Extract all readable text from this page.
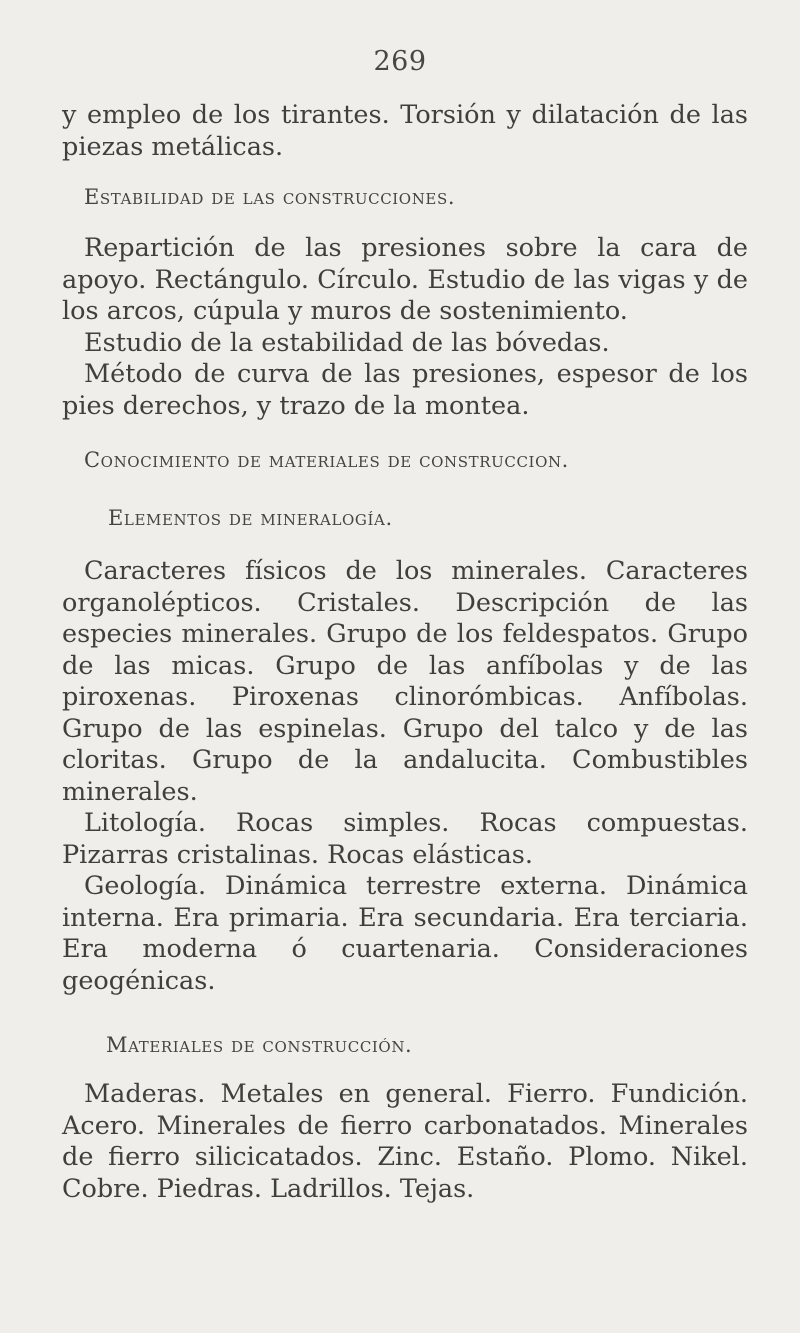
269

y empleo de los tirantes. Torsión y dilatación de las piezas metálicas.

Estabilidad de las construcciones.

Repartición de las presiones sobre la cara de apoyo. Rectángulo. Círculo. Estudio de las vigas y de los arcos, cúpula y muros de sostenimiento.

Estudio de la estabilidad de las bóvedas.

Método de curva de las presiones, espesor de los pies derechos, y trazo de la montea.

Conocimiento de materiales de construccion.

Elementos de mineralogía.

Caracteres físicos de los minerales. Caracteres organolépticos. Cristales. Descripción de las especies minerales. Grupo de los feldespatos. Grupo de las micas. Grupo de las anfíbolas y de las piroxenas. Piroxenas clinorómbicas. Anfíbolas. Grupo de las espinelas. Grupo del talco y de las cloritas. Grupo de la andalucita. Combustibles minerales.

Litología. Rocas simples. Rocas compuestas. Pizarras cristalinas. Rocas elásticas.

Geología. Dinámica terrestre externa. Dinámica interna. Era primaria. Era secundaria. Era terciaria. Era moderna ó cuartenaria. Consideraciones geogénicas.

Materiales de construcción.

Maderas. Metales en general. Fierro. Fundición. Acero. Minerales de fierro carbonatados. Minerales de fierro silicicatados. Zinc. Estaño. Plomo. Nikel. Cobre. Piedras. Ladrillos. Tejas.
